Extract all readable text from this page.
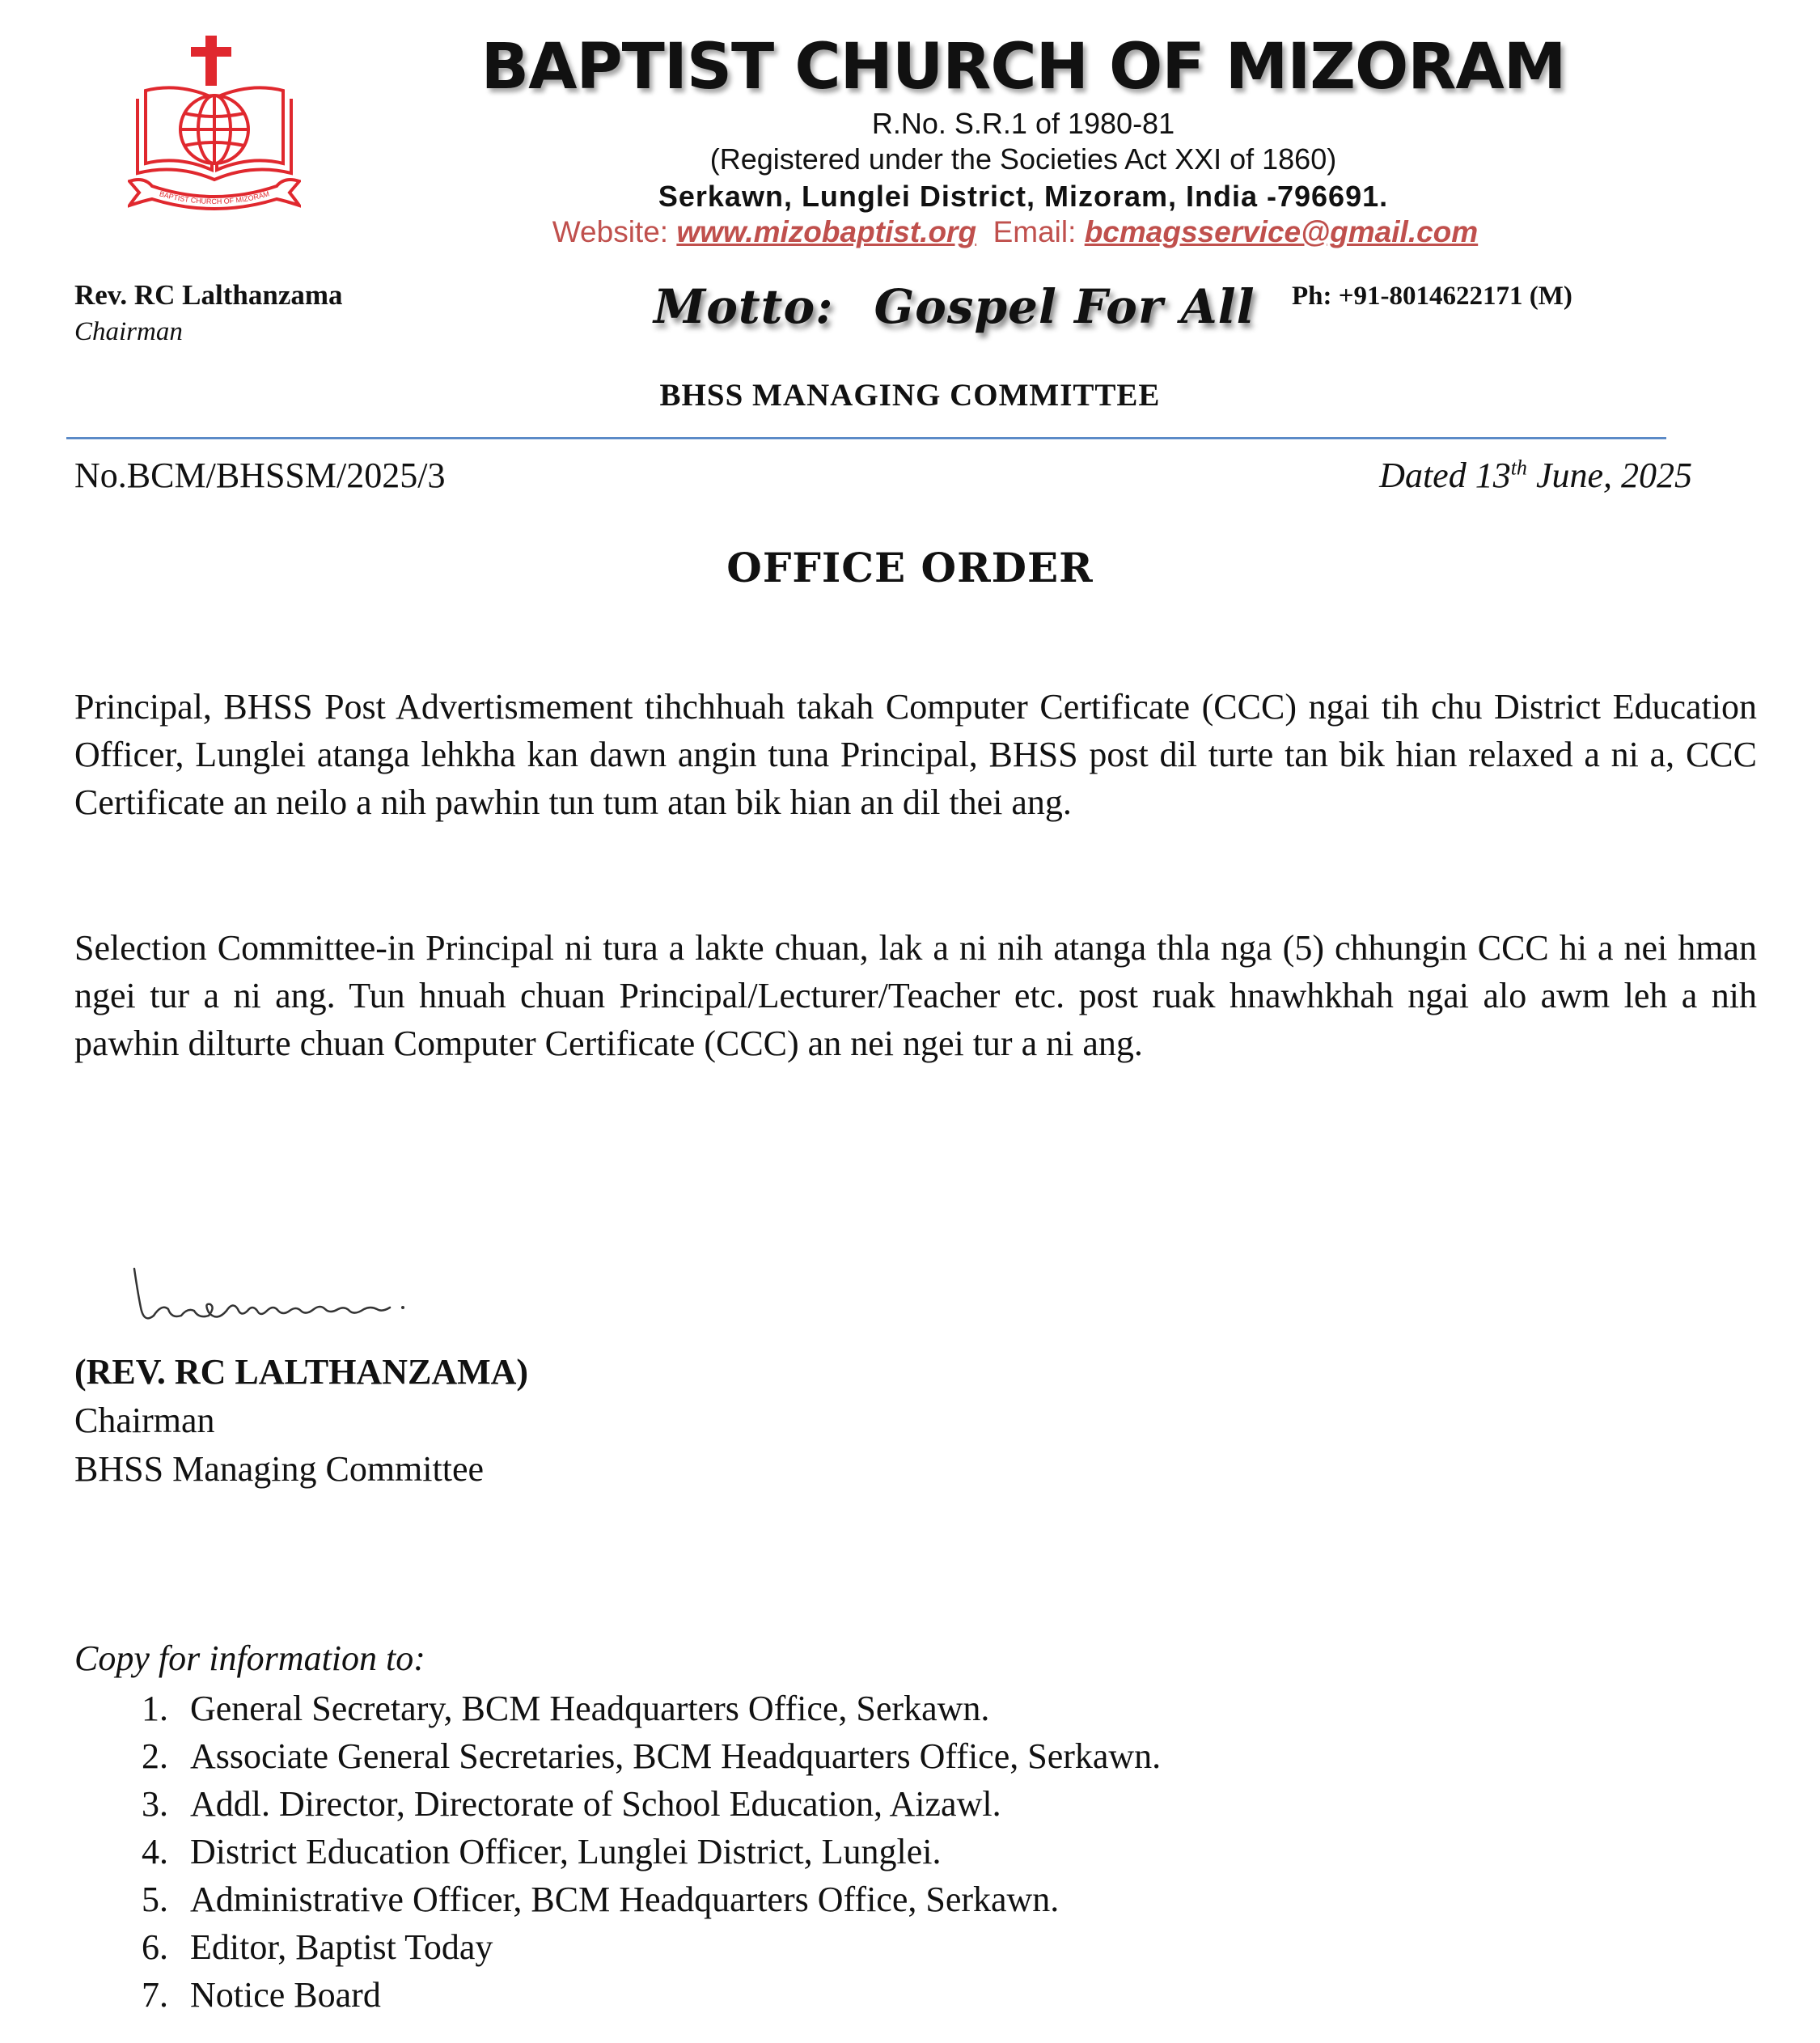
BAPTIST CHURCH OF MIZORAM
BAPTIST CHURCH OF MIZORAM
R.No. S.R.1 of 1980-81
(Registered under the Societies Act XXI of 1860)
Serkawn, Lunglei District, Mizoram, India -796691.
Website: www.mizobaptist.org Email: bcmagsservice@gmail.com
Rev. RC Lalthanzama
Chairman	Motto: Gospel For All Ph: +91-8014622171 (M)
BHSS MANAGING COMMITTEE
No.BCM/BHSSM/2025/3	Dated 13th June, 2025
OFFICE ORDER
Principal, BHSS Post Advertismement tihchhuah takah Computer Certificate (CCC) ngai tih chu District Education Officer, Lunglei atanga lehkha kan dawn angin tuna Principal, BHSS post dil turte tan bik hian relaxed a ni a, CCC Certificate an neilo a nih pawhin tun tum atan bik hian an dil thei ang.
Selection Committee-in Principal ni tura a lakte chuan, lak a ni nih atanga thla nga (5) chhungin CCC hi a nei hman ngei tur a ni ang. Tun hnuah chuan Principal/Lecturer/Teacher etc. post ruak hnawhkhah ngai alo awm leh a nih pawhin dilturte chuan Computer Certificate (CCC) an nei ngei tur a ni ang.
(REV. RC LALTHANZAMA)
Chairman
BHSS Managing Committee
Copy for information to:
1. General Secretary, BCM Headquarters Office, Serkawn.
2. Associate General Secretaries, BCM Headquarters Office, Serkawn.
3. Addl. Director, Directorate of School Education, Aizawl.
4. District Education Officer, Lunglei District, Lunglei.
5. Administrative Officer, BCM Headquarters Office, Serkawn.
6. Editor, Baptist Today
7. Notice Board
